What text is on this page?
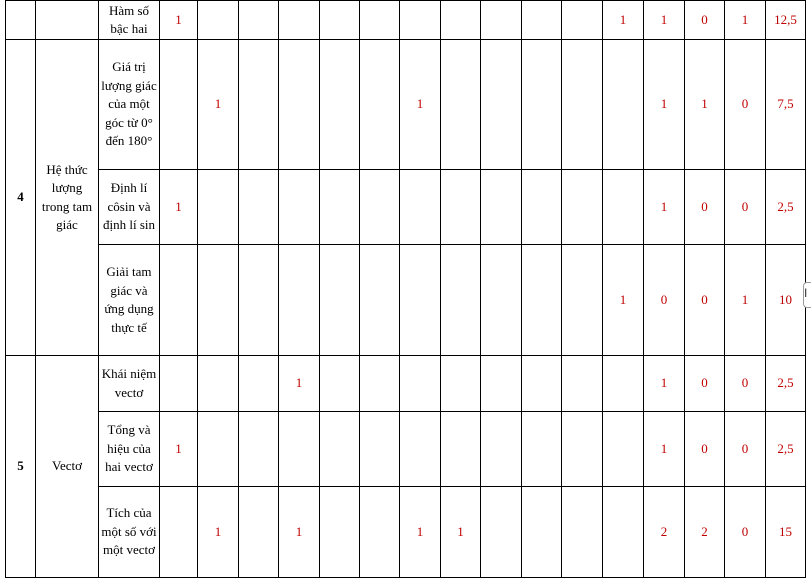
		Hàm số bậc hai	1											1	1	0	1	12,5
4	Hệ thức lượng trong tam giác	Giá trị lượng giác của một góc từ 0° đến 180°		1					1						1	1	0	7,5
		Định lí côsin và định lí sin	1												1	0	0	2,5
		Giải tam giác và ứng dụng thực tế												1	0	0	1	10
5	Vectơ	Khái niệm vectơ				1									1	0	0	2,5
		Tổng và hiệu của hai vectơ	1												1	0	0	2,5
		Tích của một số với một vectơ		1		1			1	1					2	2	0	15
I
